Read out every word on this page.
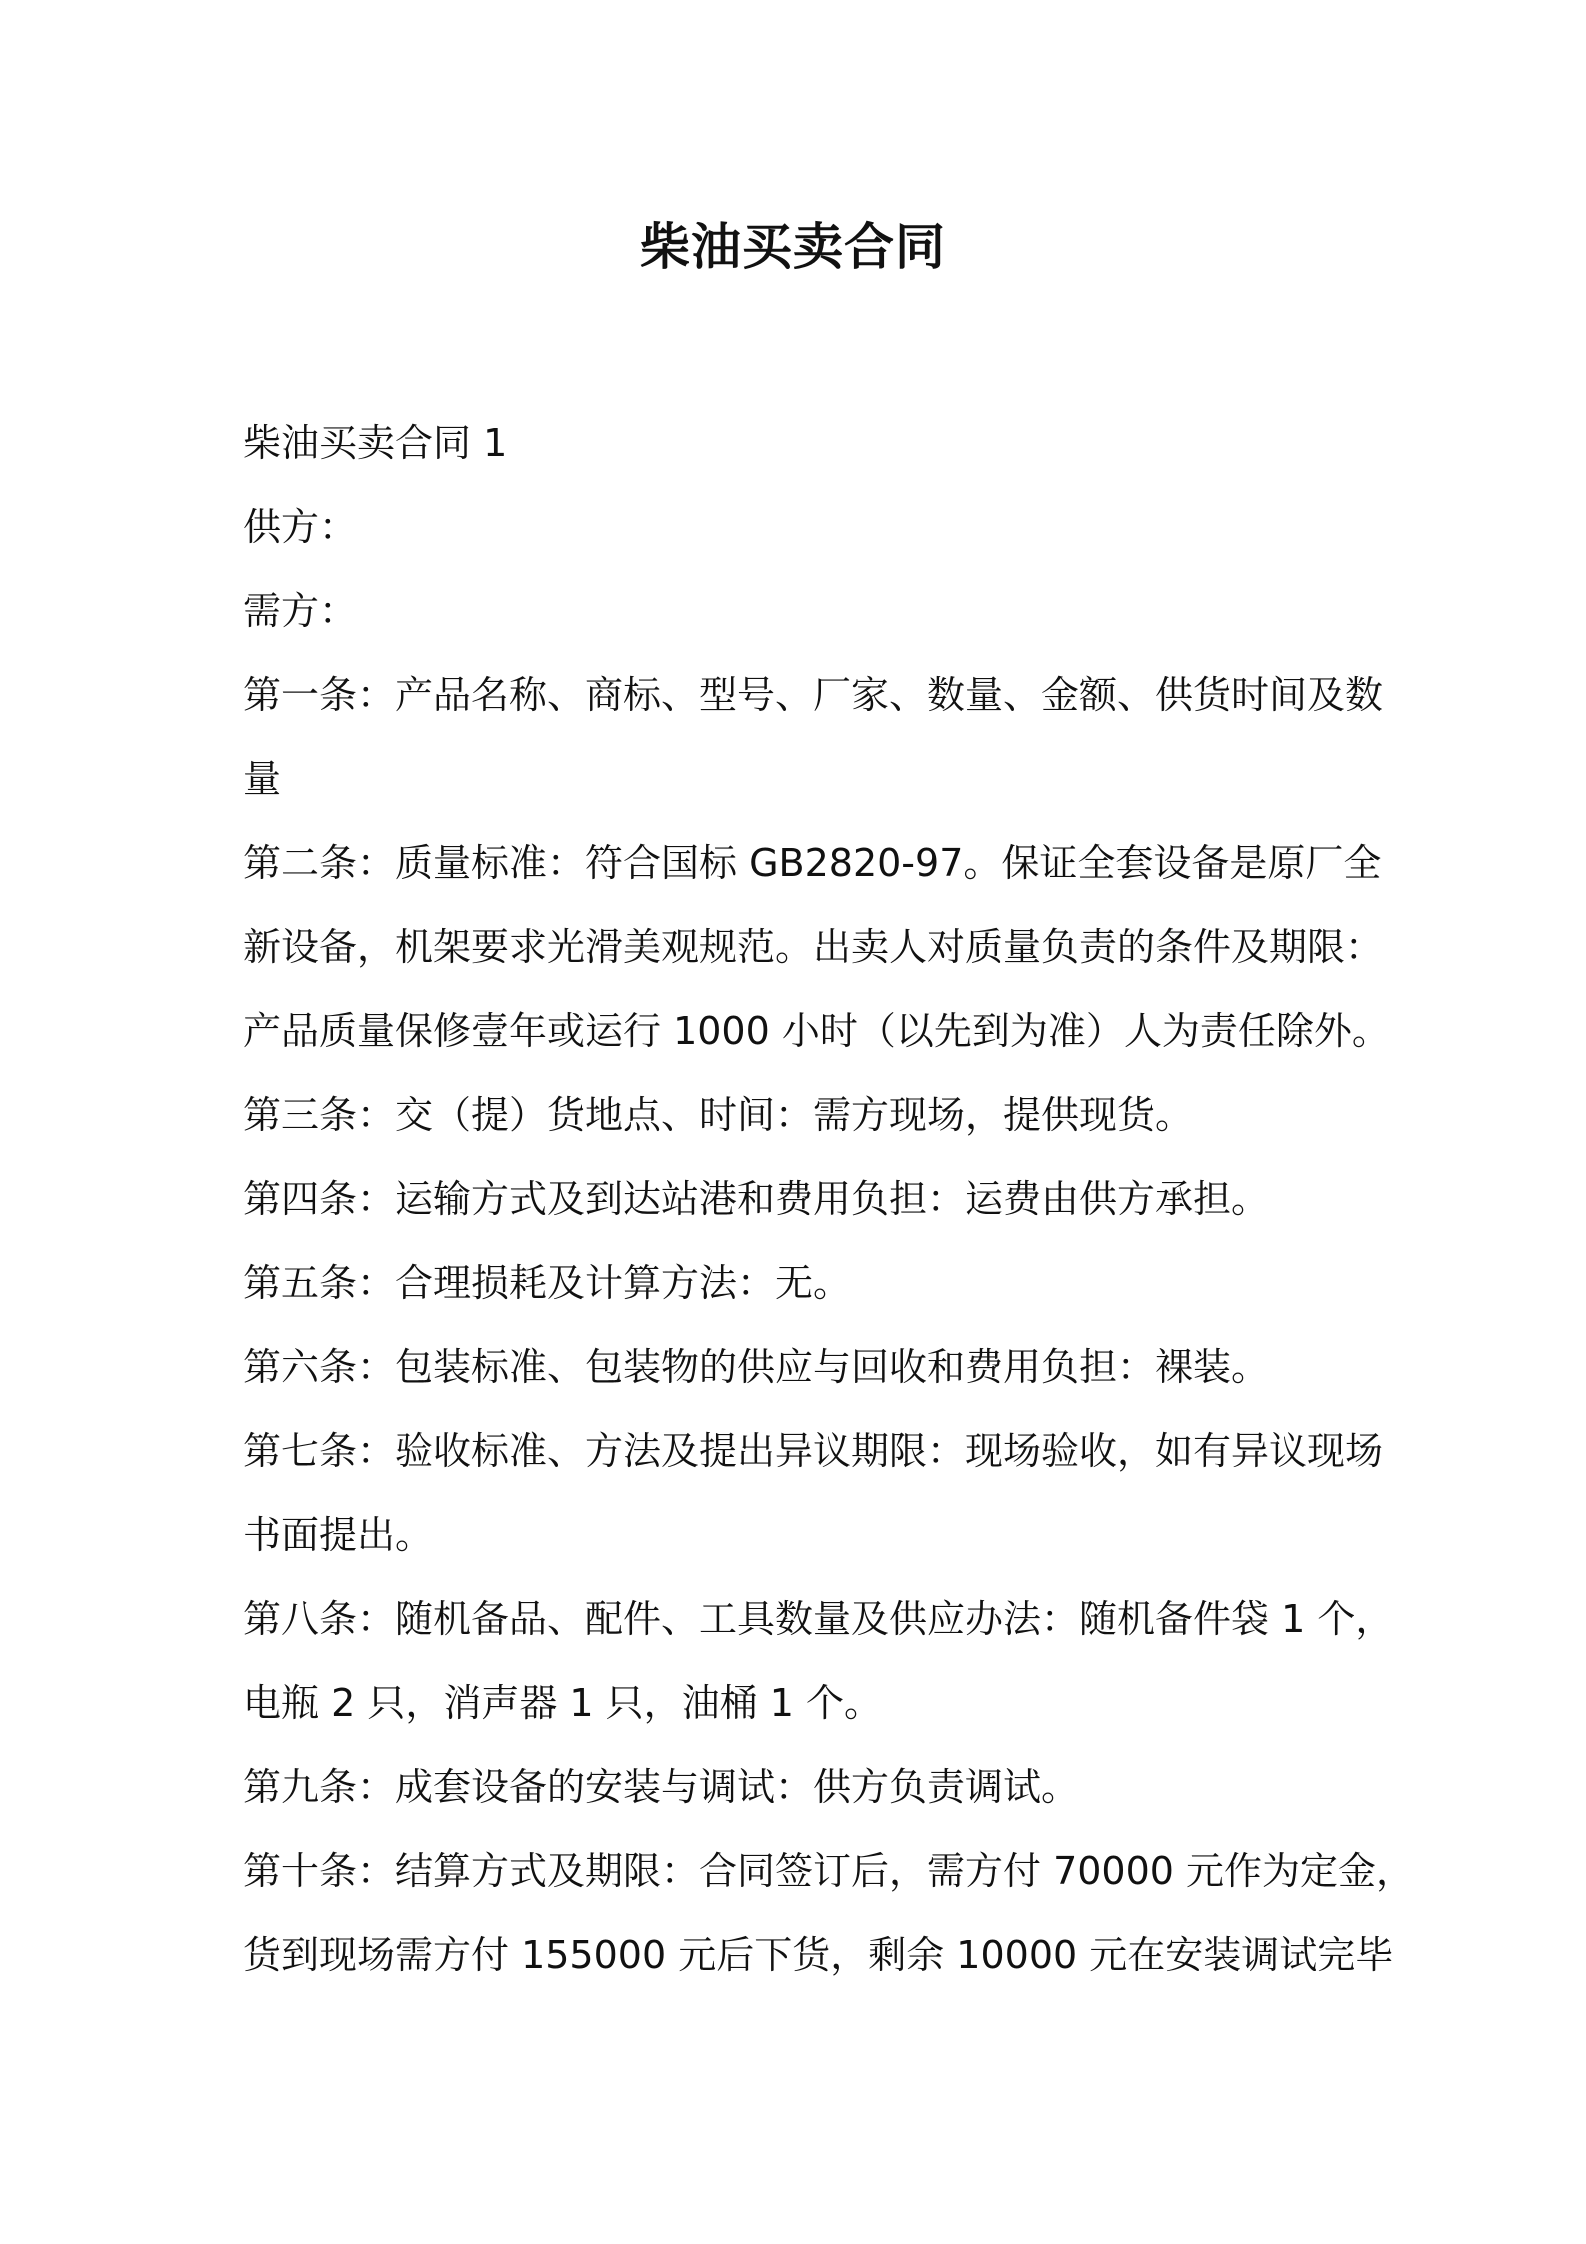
柴油买卖合同
柴油买卖合同 1
供方：
需方：
第一条：产品名称、商标、型号、厂家、数量、金额、供货时间及数
量
第二条：质量标准：符合国标 GB2820-97。保证全套设备是原厂全
新设备，机架要求光滑美观规范。出卖人对质量负责的条件及期限：
产品质量保修壹年或运行 1000 小时（以先到为准）人为责任除外。
第三条：交（提）货地点、时间：需方现场，提供现货。
第四条：运输方式及到达站港和费用负担：运费由供方承担。
第五条：合理损耗及计算方法：无。
第六条：包装标准、包装物的供应与回收和费用负担：裸装。
第七条：验收标准、方法及提出异议期限：现场验收，如有异议现场
书面提出。
第八条：随机备品、配件、工具数量及供应办法：随机备件袋 1 个，
电瓶 2 只，消声器 1 只，油桶 1 个。
第九条：成套设备的安装与调试：供方负责调试。
第十条：结算方式及期限：合同签订后，需方付 70000 元作为定金，
货到现场需方付 155000 元后下货，剩余 10000 元在安装调试完毕
